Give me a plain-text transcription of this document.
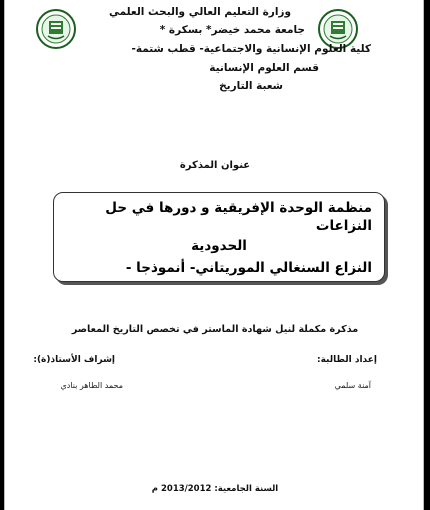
وزارة التعليم العالي والبحث العلمي
جامعة محمد خيضر* بسكرة *
كلية العلوم الإنسانية والاجتماعية- قطب شتمة-
قسم العلوم الإنسانية
شعبة التاريخ
عنوان المذكرة
منظمة الوحدة الإفريقية و دورها في حل النزاعات
الحدودية
النزاع السنغالي الموريتاني- أنموذجا -
مذكرة مكملة لنيل شهادة الماستر في تخصص التاريخ المعاصر
إعداد الطالبة:
إشراف الأستاذ(ة):
آمنة سلمي
محمد الطاهر بنادي
السنة الجامعية: 2013/2012 م
